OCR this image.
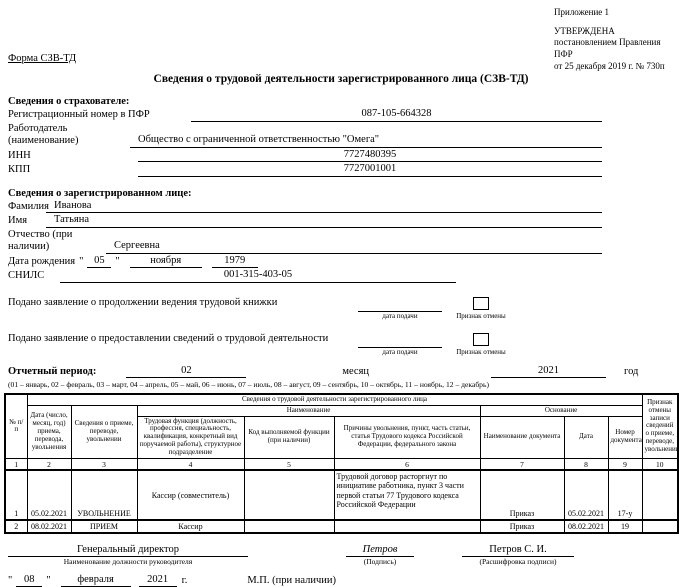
Приложение 1
УТВЕРЖДЕНА
постановлением Правления ПФР
от 25 декабря 2019 г. № 730п
Форма СЗВ-ТД
Сведения о трудовой деятельности зарегистрированного лица (СЗВ-ТД)
Сведения о страхователе:
Регистрационный номер в ПФР	087-105-664328
Работодатель (наименование)	Общество с ограниченной ответственностью "Омега"
ИНН	7727480395
КПП	7727001001
Сведения о зарегистрированном лице:
Фамилия Иванова
Имя	Татьяна
Отчество (при наличии)	Сергеевна
Дата рождения "	05	"	ноября	1979
СНИЛС	001-315-403-05
Подано заявление о продолжении ведения трудовой книжки
дата подачи	Признак отмены
Подано заявление о предоставлении сведений о трудовой деятельности
дата подачи	Признак отмены
Отчетный период:	02	месяц	2021	год
(01 – январь, 02 – февраль, 03 – март, 04 – апрель, 05 – май, 06 – июнь, 07 – июль, 08 – август, 09 – сентябрь, 10 – октябрь, 11 – ноябрь, 12 – декабрь)
№ п/п	Сведения о трудовой деятельности зарегистрированного лица								Признак отмены записи сведений о приеме, переводе, увольнении
	Дата (число, месяц, год) приема, перевода, увольнения	Сведения о приеме, переводе, увольнении	Наименование			Основание			
			Трудовая функция (должность, профессия, специальность, квалификация, конкретный вид поручаемой работы), структурное подразделение	Код выполняемой функции (при наличии)	Причины увольнения, пункт, часть статьи, статья Трудового кодекса Российской Федерации, федерального закона	Наименование документа	Дата	Номер документа	
1	2	3	4	5	6	7	8	9	10
1	05.02.2021	УВОЛЬНЕНИЕ	Кассир (совместитель)		Трудовой договор расторгнут по инициативе работника, пункт 3 части первой статьи 77 Трудового кодекса Российской Федерации	Приказ	05.02.2021	17-у	
2	08.02.2021	ПРИЕМ	Кассир			Приказ	08.02.2021	19	
Генеральный директор
Наименование должности руководителя
Петров
(Подпись)
Петров С. И.
(Расшифровка подписи)
"	08	"	февраля	2021	г.	М.П. (при наличии)
